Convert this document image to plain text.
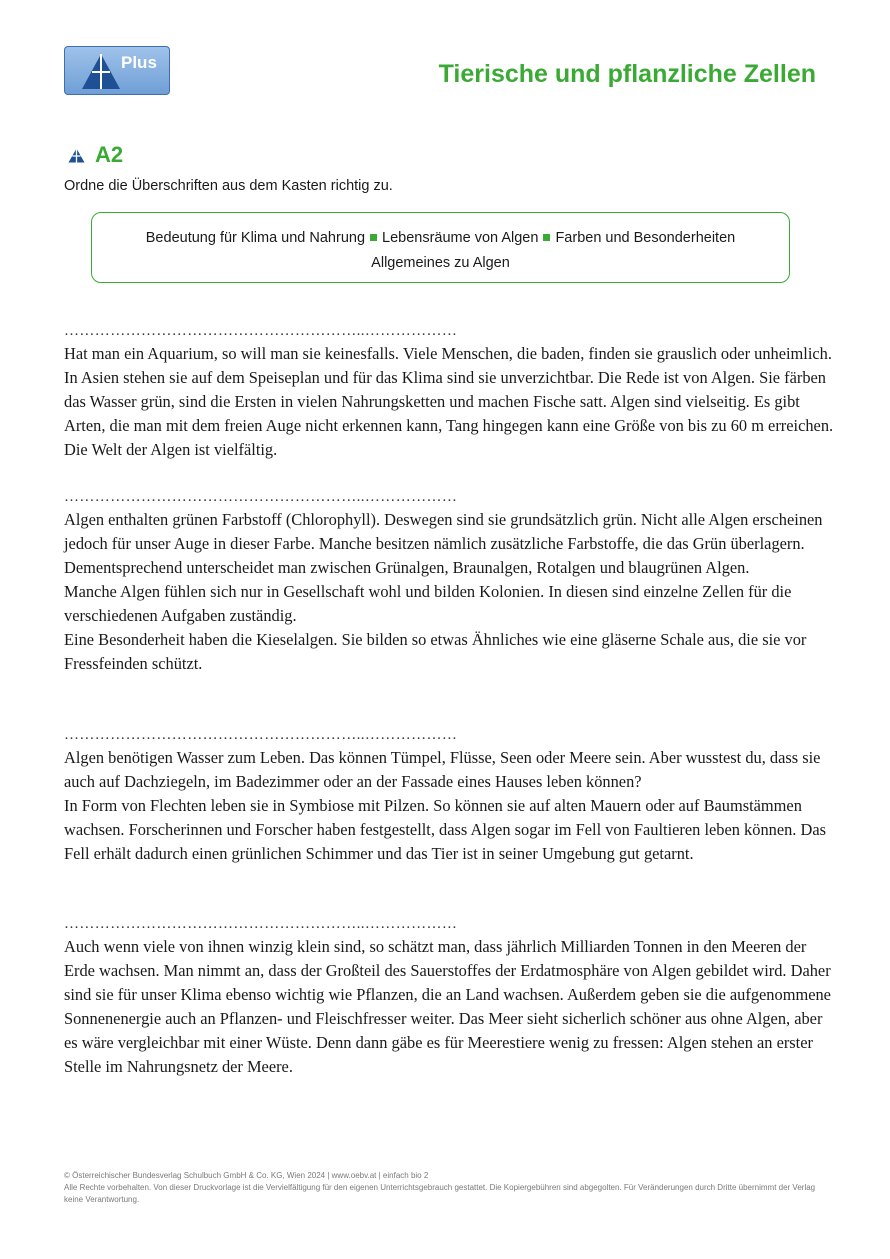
Plus	Tierische und pflanzliche Zellen
A2
Ordne die Überschriften aus dem Kasten richtig zu.
Bedeutung für Klima und Nahrung Lebensräume von Algen Farben und Besonderheiten
Allgemeines zu Algen
…………………………………………………..………………

Hat man ein Aquarium, so will man sie keinesfalls. Viele Menschen, die baden, finden sie grauslich oder unheimlich. In Asien stehen sie auf dem Speiseplan und für das Klima sind sie unverzichtbar. Die Rede ist von Algen. Sie färben das Wasser grün, sind die Ersten in vielen Nahrungsketten und machen Fische satt. Algen sind vielseitig. Es gibt Arten, die man mit dem freien Auge nicht erkennen kann, Tang hingegen kann eine Größe von bis zu 60 m erreichen. Die Welt der Algen ist vielfältig.

…………………………………………………..………………

Algen enthalten grünen Farbstoff (Chlorophyll). Deswegen sind sie grundsätzlich grün. Nicht alle Algen erscheinen jedoch für unser Auge in dieser Farbe. Manche besitzen nämlich zusätzliche Farbstoffe, die das Grün überlagern. Dementsprechend unterscheidet man zwischen Grünalgen, Braunalgen, Rotalgen und blaugrünen Algen.

Manche Algen fühlen sich nur in Gesellschaft wohl und bilden Kolonien. In diesen sind einzelne Zellen für die verschiedenen Aufgaben zuständig.

Eine Besonderheit haben die Kieselalgen. Sie bilden so etwas Ähnliches wie eine gläserne Schale aus, die sie vor Fressfeinden schützt.

…………………………………………………..………………

Algen benötigen Wasser zum Leben. Das können Tümpel, Flüsse, Seen oder Meere sein. Aber wusstest du, dass sie auch auf Dachziegeln, im Badezimmer oder an der Fassade eines Hauses leben können?

In Form von Flechten leben sie in Symbiose mit Pilzen. So können sie auf alten Mauern oder auf Baumstämmen wachsen. Forscherinnen und Forscher haben festgestellt, dass Algen sogar im Fell von Faultieren leben können. Das Fell erhält dadurch einen grünlichen Schimmer und das Tier ist in seiner Umgebung gut getarnt.

…………………………………………………..………………

Auch wenn viele von ihnen winzig klein sind, so schätzt man, dass jährlich Milliarden Tonnen in den Meeren der Erde wachsen. Man nimmt an, dass der Großteil des Sauerstoffes der Erdatmosphäre von Algen gebildet wird. Daher sind sie für unser Klima ebenso wichtig wie Pflanzen, die an Land wachsen. Außerdem geben sie die aufgenommene Sonnenenergie auch an Pflanzen- und Fleischfresser weiter. Das Meer sieht sicherlich schöner aus ohne Algen, aber es wäre vergleichbar mit einer Wüste. Denn dann gäbe es für Meerestiere wenig zu fressen: Algen stehen an erster Stelle im Nahrungsnetz der Meere.

© Österreichischer Bundesverlag Schulbuch GmbH & Co. KG, Wien 2024 | www.oebv.at | einfach bio 2
Alle Rechte vorbehalten. Von dieser Druckvorlage ist die Vervielfältigung für den eigenen Unterrichtsgebrauch gestattet. Die Kopiergebühren sind abgegolten. Für Veränderungen durch Dritte übernimmt der Verlag keine Verantwortung.
